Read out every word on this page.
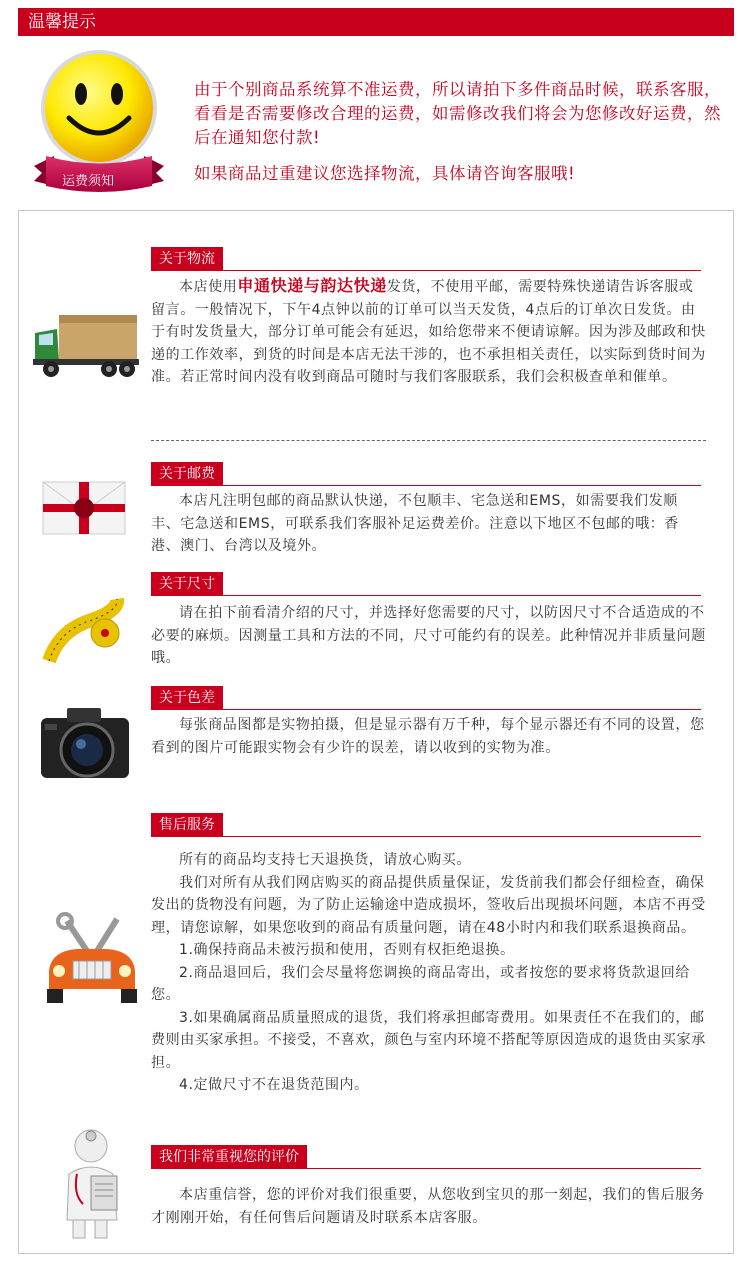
温馨提示
运费须知

由于个别商品系统算不准运费，所以请拍下多件商品时候，联系客服，看看是否需要修改合理的运费，如需修改我们将会为您修改好运费，然后在通知您付款!

如果商品过重建议您选择物流，具体请咨询客服哦!

关于物流

本店使用申通快递与韵达快递发货，不使用平邮，需要特殊快递请告诉客服或留言。一般情况下，下午4点钟以前的订单可以当天发货，4点后的订单次日发货。由于有时发货量大，部分订单可能会有延迟，如给您带来不便请谅解。因为涉及邮政和快递的工作效率，到货的时间是本店无法干涉的，也不承担相关责任，以实际到货时间为准。若正常时间内没有收到商品可随时与我们客服联系，我们会积极查单和催单。

关于邮费

本店凡注明包邮的商品默认快递，不包顺丰、宅急送和EMS，如需要我们发顺丰、宅急送和EMS，可联系我们客服补足运费差价。注意以下地区不包邮的哦：香港、澳门、台湾以及境外。

关于尺寸

请在拍下前看清介绍的尺寸，并选择好您需要的尺寸，以防因尺寸不合适造成的不必要的麻烦。因测量工具和方法的不同，尺寸可能约有的误差。此种情况并非质量问题哦。

关于色差

每张商品图都是实物拍摄，但是显示器有万千种，每个显示器还有不同的设置，您看到的图片可能跟实物会有少许的误差，请以收到的实物为准。

售后服务

所有的商品均支持七天退换货，请放心购买。

我们对所有从我们网店购买的商品提供质量保证，发货前我们都会仔细检查，确保发出的货物没有问题，为了防止运输途中造成损坏，签收后出现损坏问题，本店不再受理，请您谅解，如果您收到的商品有质量问题，请在48小时内和我们联系退换商品。

1.确保持商品未被污损和使用，否则有权拒绝退换。

2.商品退回后，我们会尽量将您调换的商品寄出，或者按您的要求将货款退回给您。

3.如果确属商品质量照成的退货，我们将承担邮寄费用。如果责任不在我们的，邮费则由买家承担。不接受，不喜欢，颜色与室内环境不搭配等原因造成的退货由买家承担。

4.定做尺寸不在退货范围内。

我们非常重视您的评价

本店重信誉，您的评价对我们很重要，从您收到宝贝的那一刻起，我们的售后服务才刚刚开始，有任何售后问题请及时联系本店客服。
